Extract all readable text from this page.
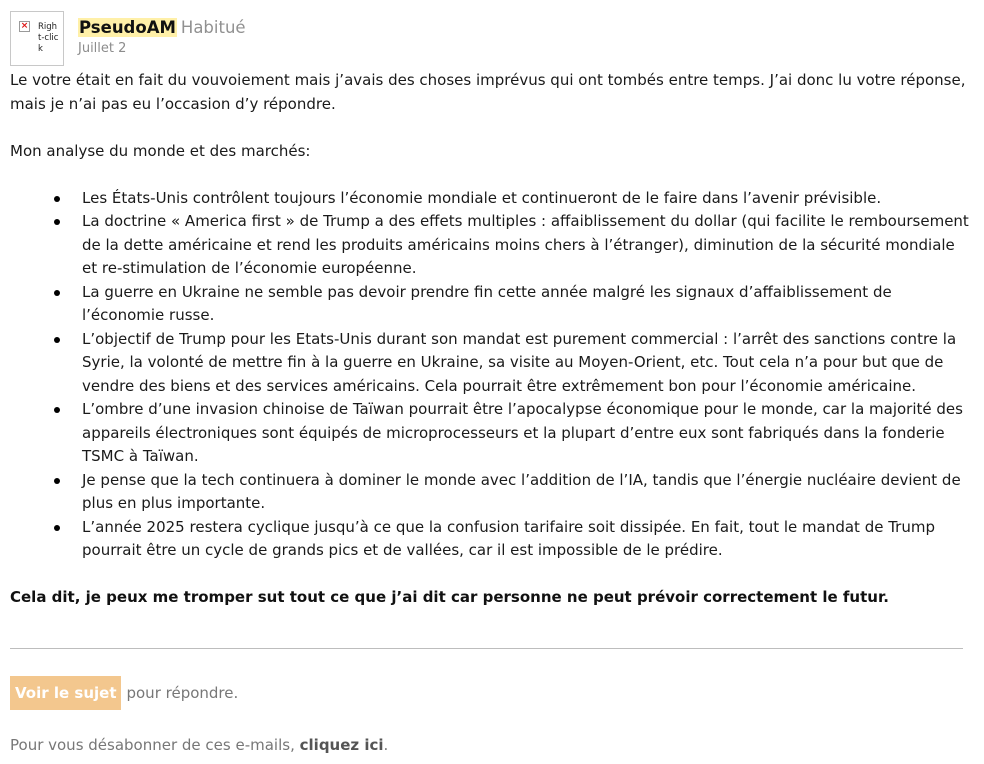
× Right-click
PseudoAM Habitué
Juillet 2

Le votre était en fait du vouvoiement mais j’avais des choses imprévus qui ont tombés entre temps. J’ai donc lu votre réponse, mais je n’ai pas eu l’occasion d’y répondre.

Mon analyse du monde et des marchés:

Les États-Unis contrôlent toujours l’économie mondiale et continueront de le faire dans l’avenir prévisible.
La doctrine « America first » de Trump a des effets multiples : affaiblissement du dollar (qui facilite le remboursement de la dette américaine et rend les produits américains moins chers à l’étranger), diminution de la sécurité mondiale et re-stimulation de l’économie européenne.
La guerre en Ukraine ne semble pas devoir prendre fin cette année malgré les signaux d’affaiblissement de l’économie russe.
L’objectif de Trump pour les Etats-Unis durant son mandat est purement commercial : l’arrêt des sanctions contre la Syrie, la volonté de mettre fin à la guerre en Ukraine, sa visite au Moyen-Orient, etc. Tout cela n’a pour but que de vendre des biens et des services américains. Cela pourrait être extrêmement bon pour l’économie américaine.
L’ombre d’une invasion chinoise de Taïwan pourrait être l’apocalypse économique pour le monde, car la majorité des appareils électroniques sont équipés de microprocesseurs et la plupart d’entre eux sont fabriqués dans la fonderie TSMC à Taïwan.
Je pense que la tech continuera à dominer le monde avec l’addition de l’IA, tandis que l’énergie nucléaire devient de plus en plus importante.
L’année 2025 restera cyclique jusqu’à ce que la confusion tarifaire soit dissipée. En fait, tout le mandat de Trump pourrait être un cycle de grands pics et de vallées, car il est impossible de le prédire.

Cela dit, je peux me tromper sut tout ce que j’ai dit car personne ne peut prévoir correctement le futur.

Voir le sujet pour répondre.
Pour vous désabonner de ces e-mails, cliquez ici.
